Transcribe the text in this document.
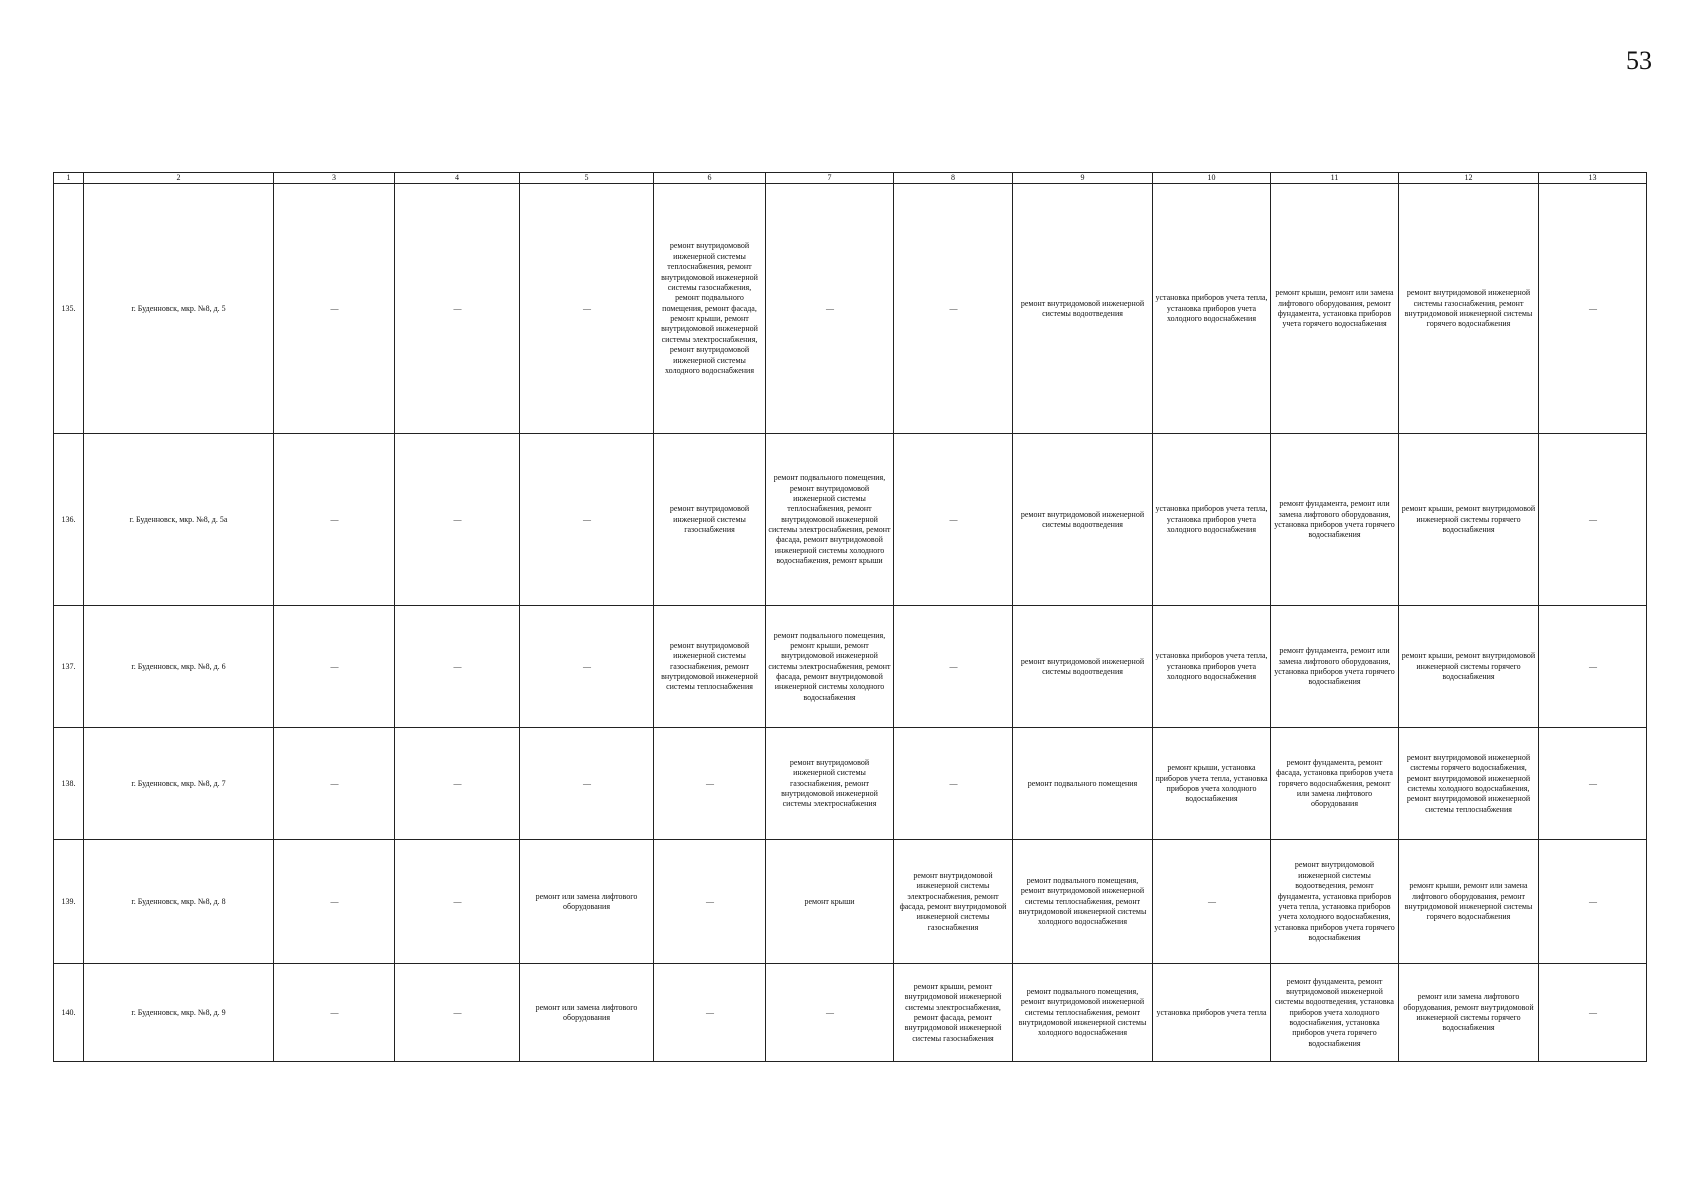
53
1	2	3	4	5	6	7	8	9	10	11	12	13
135.	г. Буденновск, мкр. №8, д. 5	—	—	—	ремонт внутридомовой инженерной системы теплоснабжения, ремонт внутридомовой инженерной системы газоснабжения, ремонт подвального помещения, ремонт фасада, ремонт крыши, ремонт внутридомовой инженерной системы электроснабжения, ремонт внутридомовой инженерной системы холодного водоснабжения	—	—	ремонт внутридомовой инженерной системы водоотведения	установка приборов учета тепла, установка приборов учета холодного водоснабжения	ремонт крыши, ремонт или замена лифтового оборудования, ремонт фундамента, установка приборов учета горячего водоснабжения	ремонт внутридомовой инженерной системы газоснабжения, ремонт внутридомовой инженерной системы горячего водоснабжения	—
136.	г. Буденновск, мкр. №8, д. 5а	—	—	—	ремонт внутридомовой инженерной системы газоснабжения	ремонт подвального помещения, ремонт внутридомовой инженерной системы теплоснабжения, ремонт внутридомовой инженерной системы электроснабжения, ремонт фасада, ремонт внутридомовой инженерной системы холодного водоснабжения, ремонт крыши	—	ремонт внутридомовой инженерной системы водоотведения	установка приборов учета тепла, установка приборов учета холодного водоснабжения	ремонт фундамента, ремонт или замена лифтового оборудования, установка приборов учета горячего водоснабжения	ремонт крыши, ремонт внутридомовой инженерной системы горячего водоснабжения	—
137.	г. Буденновск, мкр. №8, д. 6	—	—	—	ремонт внутридомовой инженерной системы газоснабжения, ремонт внутридомовой инженерной системы теплоснабжения	ремонт подвального помещения, ремонт крыши, ремонт внутридомовой инженерной системы электроснабжения, ремонт фасада, ремонт внутридомовой инженерной системы холодного водоснабжения	—	ремонт внутридомовой инженерной системы водоотведения	установка приборов учета тепла, установка приборов учета холодного водоснабжения	ремонт фундамента, ремонт или замена лифтового оборудования, установка приборов учета горячего водоснабжения	ремонт крыши, ремонт внутридомовой инженерной системы горячего водоснабжения	—
138.	г. Буденновск, мкр. №8, д. 7	—	—	—	—	ремонт внутридомовой инженерной системы газоснабжения, ремонт внутридомовой инженерной системы электроснабжения	—	ремонт подвального помещения	ремонт крыши, установка приборов учета тепла, установка приборов учета холодного водоснабжения	ремонт фундамента, ремонт фасада, установка приборов учета горячего водоснабжения, ремонт или замена лифтового оборудования	ремонт внутридомовой инженерной системы горячего водоснабжения, ремонт внутридомовой инженерной системы холодного водоснабжения, ремонт внутридомовой инженерной системы теплоснабжения	—
139.	г. Буденновск, мкр. №8, д. 8	—	—	ремонт или замена лифтового оборудования	—	ремонт крыши	ремонт внутридомовой инженерной системы электроснабжения, ремонт фасада, ремонт внутридомовой инженерной системы газоснабжения	ремонт подвального помещения, ремонт внутридомовой инженерной системы теплоснабжения, ремонт внутридомовой инженерной системы холодного водоснабжения	—	ремонт внутридомовой инженерной системы водоотведения, ремонт фундамента, установка приборов учета тепла, установка приборов учета холодного водоснабжения, установка приборов учета горячего водоснабжения	ремонт крыши, ремонт или замена лифтового оборудования, ремонт внутридомовой инженерной системы горячего водоснабжения	—
140.	г. Буденновск, мкр. №8, д. 9	—	—	ремонт или замена лифтового оборудования	—	—	ремонт крыши, ремонт внутридомовой инженерной системы электроснабжения, ремонт фасада, ремонт внутридомовой инженерной системы газоснабжения	ремонт подвального помещения, ремонт внутридомовой инженерной системы теплоснабжения, ремонт внутридомовой инженерной системы холодного водоснабжения	установка приборов учета тепла	ремонт фундамента, ремонт внутридомовой инженерной системы водоотведения, установка приборов учета холодного водоснабжения, установка приборов учета горячего водоснабжения	ремонт или замена лифтового оборудования, ремонт внутридомовой инженерной системы горячего водоснабжения	—
